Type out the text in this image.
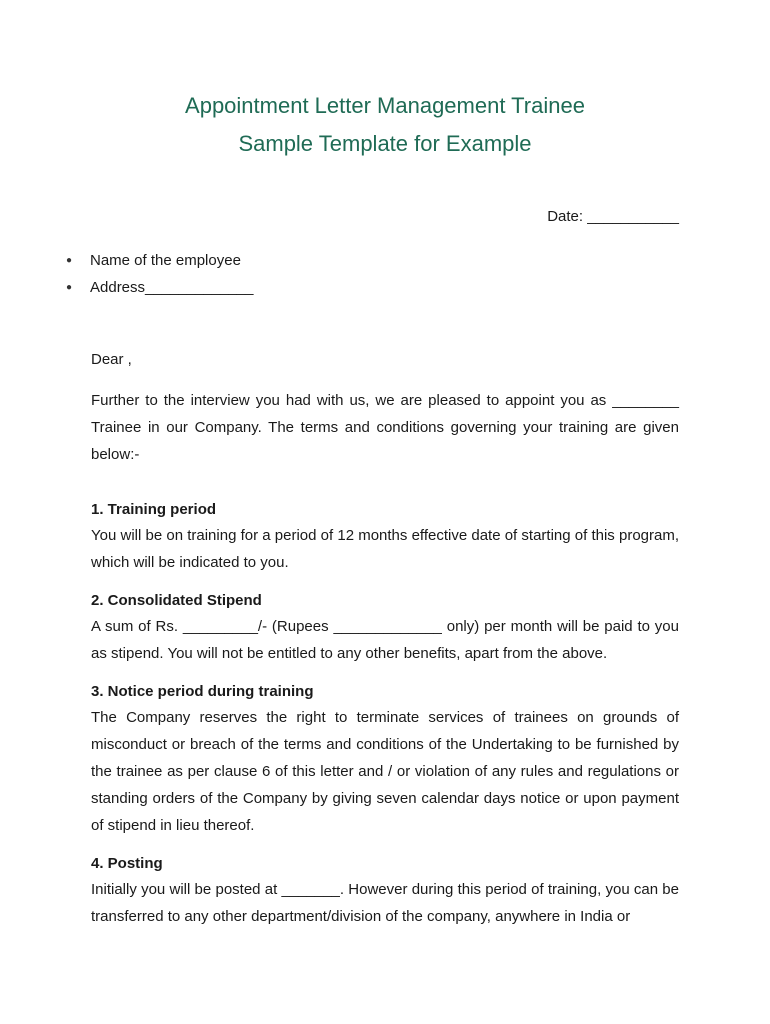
Appointment Letter Management Trainee
Sample Template for Example
Date: ___________
●	Name of the employee
●	Address_____________

Dear ,

Further to the interview you had with us, we are pleased to appoint you as ________ Trainee in our Company. The terms and conditions governing your training are given below:-

1. Training period

You will be on training for a period of 12 months effective date of starting of this program, which will be indicated to you.

2. Consolidated Stipend

A sum of Rs. _________/- (Rupees _____________ only) per month will be paid to you as stipend. You will not be entitled to any other benefits, apart from the above.

3. Notice period during training

The Company reserves the right to terminate services of trainees on grounds of misconduct or breach of the terms and conditions of the Undertaking to be furnished by the trainee as per clause 6 of this letter and / or violation of any rules and regulations or standing orders of the Company by giving seven calendar days notice or upon payment of stipend in lieu thereof.

4. Posting

Initially you will be posted at _______. However during this period of training, you can be transferred to any other department/division of the company, anywhere in India or
